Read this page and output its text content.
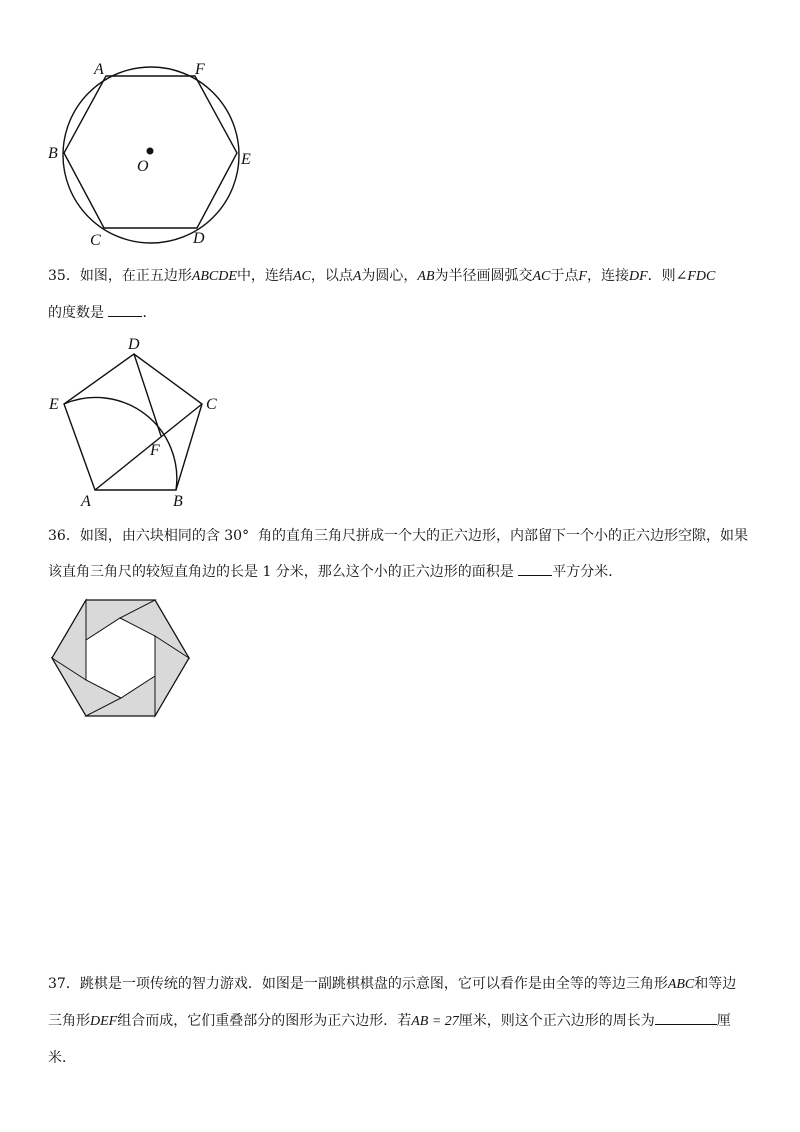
A	F
B
O	E
C	D
35．如图，在正五边形ABCDE中，连结AC，以点A为圆心，AB为半径画圆弧交AC于点F，连接DF．则∠FDC
的度数是	．
D
E	C
F
A	B
36．如图，由六块相同的含 30°  角的直角三角尺拼成一个大的正六边形，内部留下一个小的正六边形空隙，如果
该直角三角尺的较短直角边的长是 1 分米，那么这个小的正六边形的面积是	平方分米．
37．跳棋是一项传统的智力游戏．如图是一副跳棋棋盘的示意图，它可以看作是由全等的等边三角形ABC和等边
三角形DEF组合而成，它们重叠部分的图形为正六边形．若AB = 27厘米，则这个正六边形的周长为	厘
米．
